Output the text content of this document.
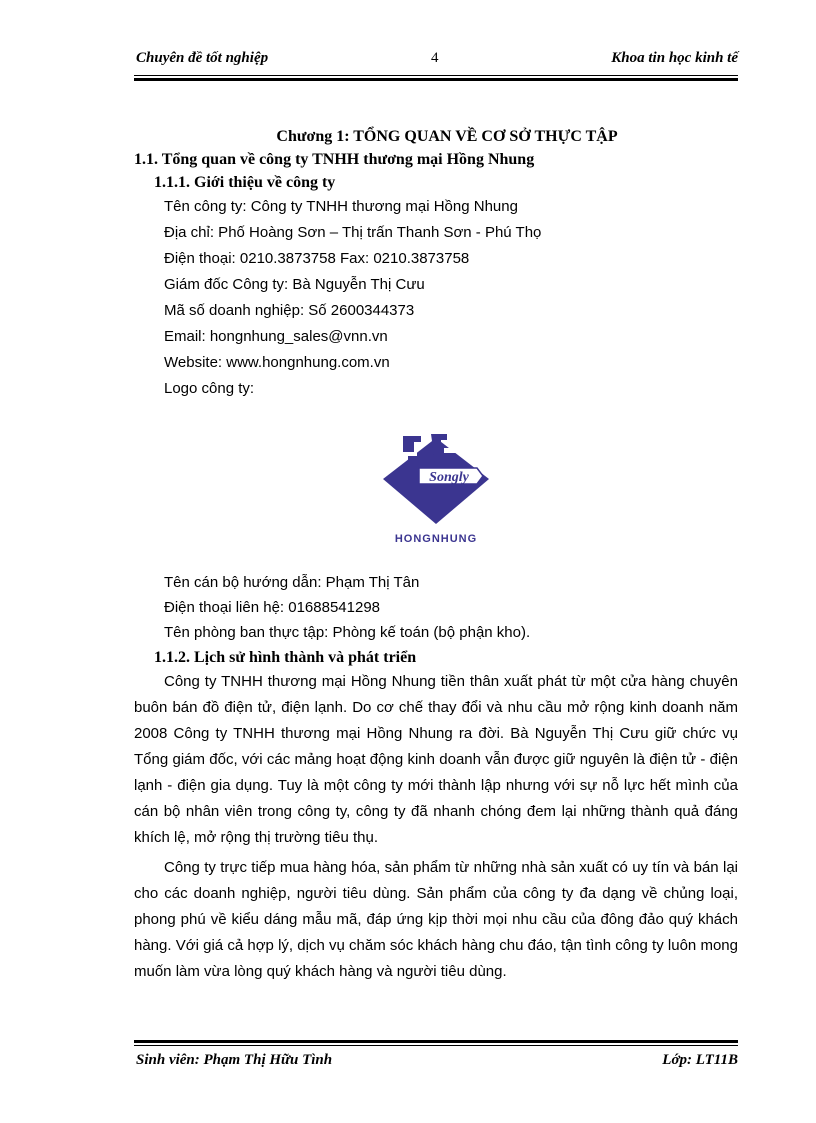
Chuyên đề tốt nghiệp	4	Khoa tin học kinh tế
Chương 1: TỔNG QUAN VỀ CƠ SỞ THỰC TẬP
1.1. Tổng quan về công ty TNHH thương mại Hồng Nhung
1.1.1. Giới thiệu về công ty
Tên công ty: Công ty TNHH thương mại Hồng Nhung
Địa chỉ: Phố Hoàng Sơn – Thị trấn Thanh Sơn - Phú Thọ
Điện thoại: 0210.3873758 Fax: 0210.3873758
Giám đốc Công ty: Bà Nguyễn Thị Cưu
Mã số doanh nghiệp: Số 2600344373
Email: hongnhung_sales@vnn.vn
Website: www.hongnhung.com.vn
Logo công ty:
Songly
HONGNHUNG
Tên cán bộ hướng dẫn: Phạm Thị Tân
Điện thoại liên hệ: 01688541298
Tên phòng ban thực tập: Phòng kế toán (bộ phận kho).
1.1.2. Lịch sử hình thành và phát triển

Công ty TNHH thương mại Hồng Nhung tiền thân xuất phát từ một cửa hàng chuyên buôn bán đồ điện tử, điện lạnh. Do cơ chế thay đổi và nhu cầu mở rộng kinh doanh năm 2008 Công ty TNHH thương mại Hồng Nhung ra đời. Bà Nguyễn Thị Cưu giữ chức vụ Tổng giám đốc, với các mảng hoạt động kinh doanh vẫn được giữ nguyên là điện tử - điện lạnh - điện gia dụng. Tuy là một công ty mới thành lập nhưng với sự nỗ lực hết mình của cán bộ nhân viên trong công ty, công ty đã nhanh chóng đem lại những thành quả đáng khích lệ, mở rộng thị trường tiêu thụ.

Công ty trực tiếp mua hàng hóa, sản phẩm từ những nhà sản xuất có uy tín và bán lại cho các doanh nghiệp, người tiêu dùng. Sản phẩm của công ty đa dạng về chủng loại, phong phú về kiểu dáng mẫu mã, đáp ứng kịp thời mọi nhu cầu của đông đảo quý khách hàng. Với giá cả hợp lý, dịch vụ chăm sóc khách hàng chu đáo, tận tình công ty luôn mong muốn làm vừa lòng quý khách hàng và người tiêu dùng.

Sinh viên: Phạm Thị Hữu Tình	Lớp: LT11B
